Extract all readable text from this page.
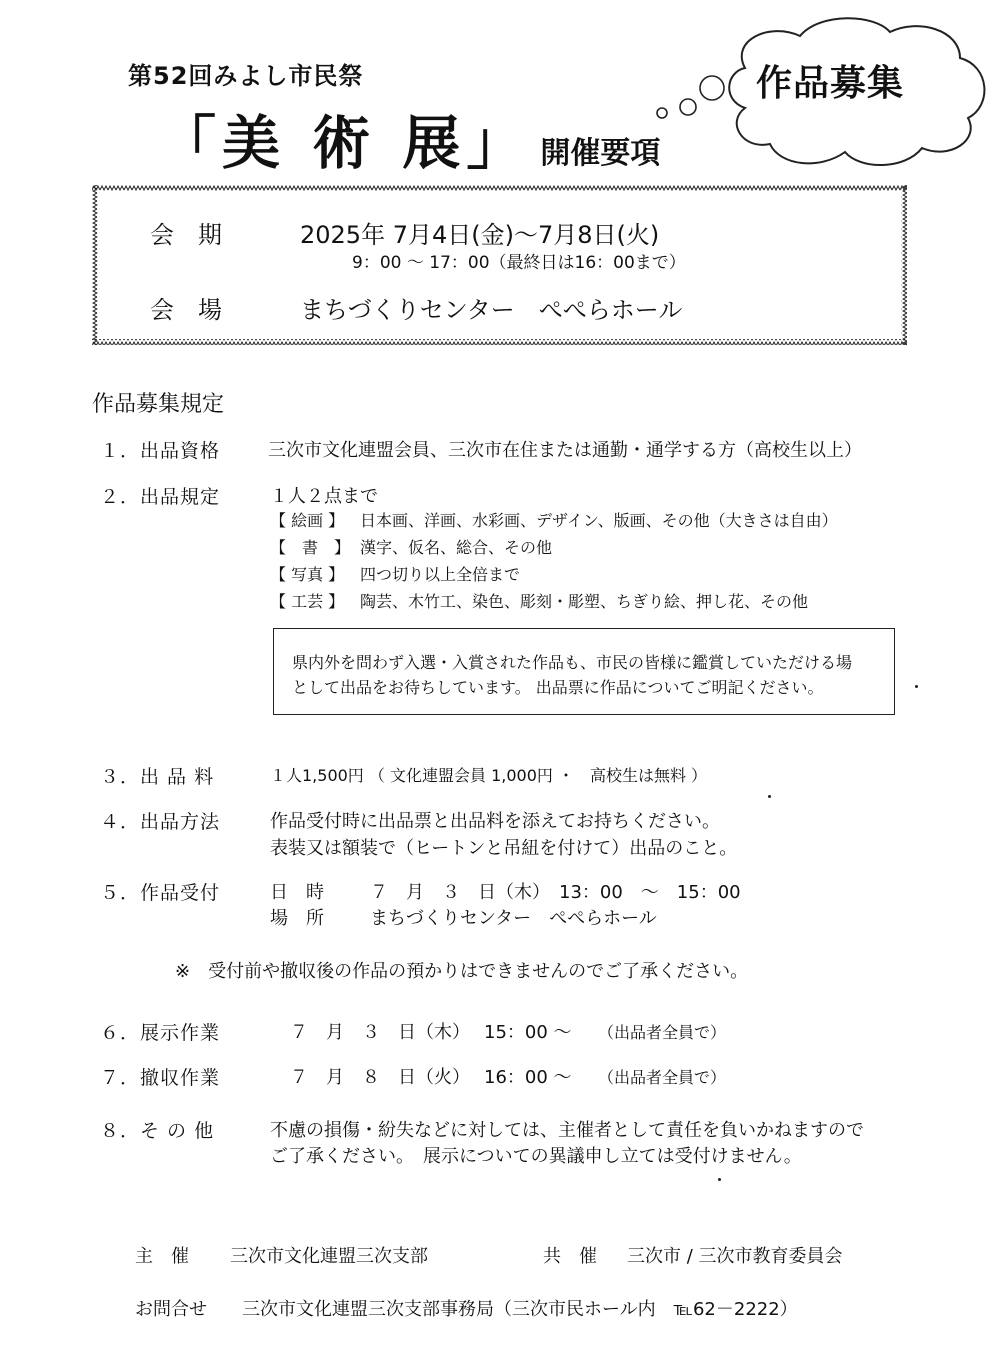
第52回みよし市民祭
「美 術 展」 開催要項
作品募集
会期 2025年 7月4日(金)～7月8日(火)
9：00 ～ 17：00（最終日は16：00まで）
会場 まちづくりセンター　ぺぺらホール
作品募集規定
１．出品資格	三次市文化連盟会員、三次市在住または通勤・通学する方（高校生以上）
２．出品規定	１人２点まで
【 絵画 】 日本画、洋画、水彩画、デザイン、版画、その他（大きさは自由）
【　書　】 漢字、仮名、総合、その他
【 写真 】 四つ切り以上全倍まで
【 工芸 】 陶芸、木竹工、染色、彫刻・彫塑、ちぎり絵、押し花、その他
県内外を問わず入選・入賞された作品も、市民の皆様に鑑賞していただける場
として出品をお待ちしています。 出品票に作品についてご明記ください。
３．出 品 料	１人1,500円 （ 文化連盟会員 1,000円 ・　高校生は無料 ）
４．出品方法	作品受付時に出品票と出品料を添えてお持ちください。
表装又は額装で（ヒートンと吊紐を付けて）出品のこと。
５．作品受付	日　時	７　月　３　日（木）　13：00　～　15：00
場　所	まちづくりセンター　ぺぺらホール
※　受付前や撤収後の作品の預かりはできませんのでご了承ください。
６．展示作業	７　月　３　日（木） 15：00 ～ （出品者全員で）
７．撤収作業	７　月　８　日（火） 16：00 ～ （出品者全員で）
８．そ の 他	不慮の損傷・紛失などに対しては、主催者として責任を負いかねますので
ご了承ください。　展示についての異議申し立ては受付けません。
主　催 三次市文化連盟三次支部	共　催 三次市 / 三次市教育委員会
お問合せ 三次市文化連盟三次支部事務局（三次市民ホール内　℡62－2222）
